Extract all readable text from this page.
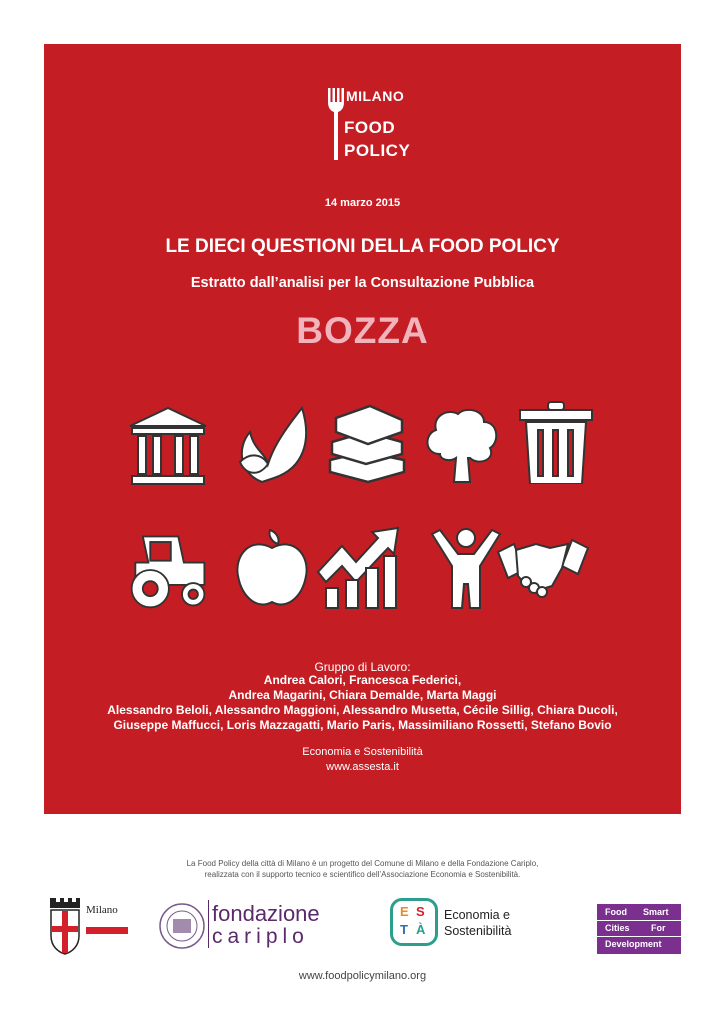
MILANO
FOOD
POLICY
14 marzo 2015
LE DIECI QUESTIONI DELLA FOOD POLICY
Estratto dall’analisi per la Consultazione Pubblica
BOZZA
Gruppo di Lavoro:
Andrea Calori, Francesca Federici,
Andrea Magarini, Chiara Demalde, Marta Maggi
Alessandro Beloli, Alessandro Maggioni, Alessandro Musetta, Cécile Sillig, Chiara Ducoli,
Giuseppe Maffucci, Loris Mazzagatti, Mario Paris, Massimiliano Rossetti, Stefano Bovio
Economia e Sostenibilità
www.assesta.it
La Food Policy della città di Milano è un progetto del Comune di Milano e della Fondazione Cariplo,
realizzata con il supporto tecnico e scientifico dell’Associazione Economia e Sostenibilità.
Milano	fondazione
cariplo
E S
T À
Economia e
Sostenibilità
Food Smart
Cities For
Development
www.foodpolicymilano.org
